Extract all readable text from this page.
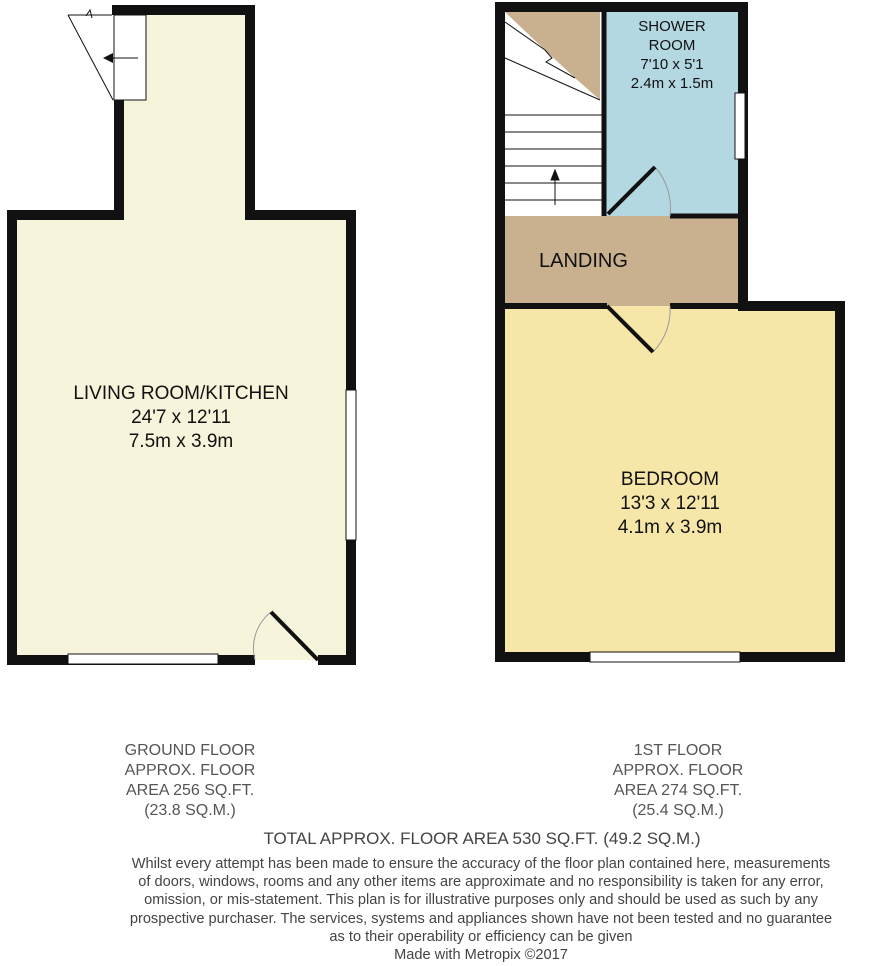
LIVING ROOM/KITCHEN
24'7 x 12'11
7.5m x 3.9m
SHOWER
ROOM
7'10 x 5'1
2.4m x 1.5m
LANDING
BEDROOM
13'3 x 12'11
4.1m x 3.9m
GROUND FLOOR
APPROX. FLOOR
AREA 256 SQ.FT.
(23.8 SQ.M.)
1ST FLOOR
APPROX. FLOOR
AREA 274 SQ.FT.
(25.4 SQ.M.)
TOTAL APPROX. FLOOR AREA 530 SQ.FT. (49.2 SQ.M.)
Whilst every attempt has been made to ensure the accuracy of the floor plan contained here, measurements
of doors, windows, rooms and any other items are approximate and no responsibility is taken for any error,
omission, or mis-statement. This plan is for illustrative purposes only and should be used as such by any
prospective purchaser. The services, systems and appliances shown have not been tested and no guarantee
as to their operability or efficiency can be given
Made with Metropix ©2017
